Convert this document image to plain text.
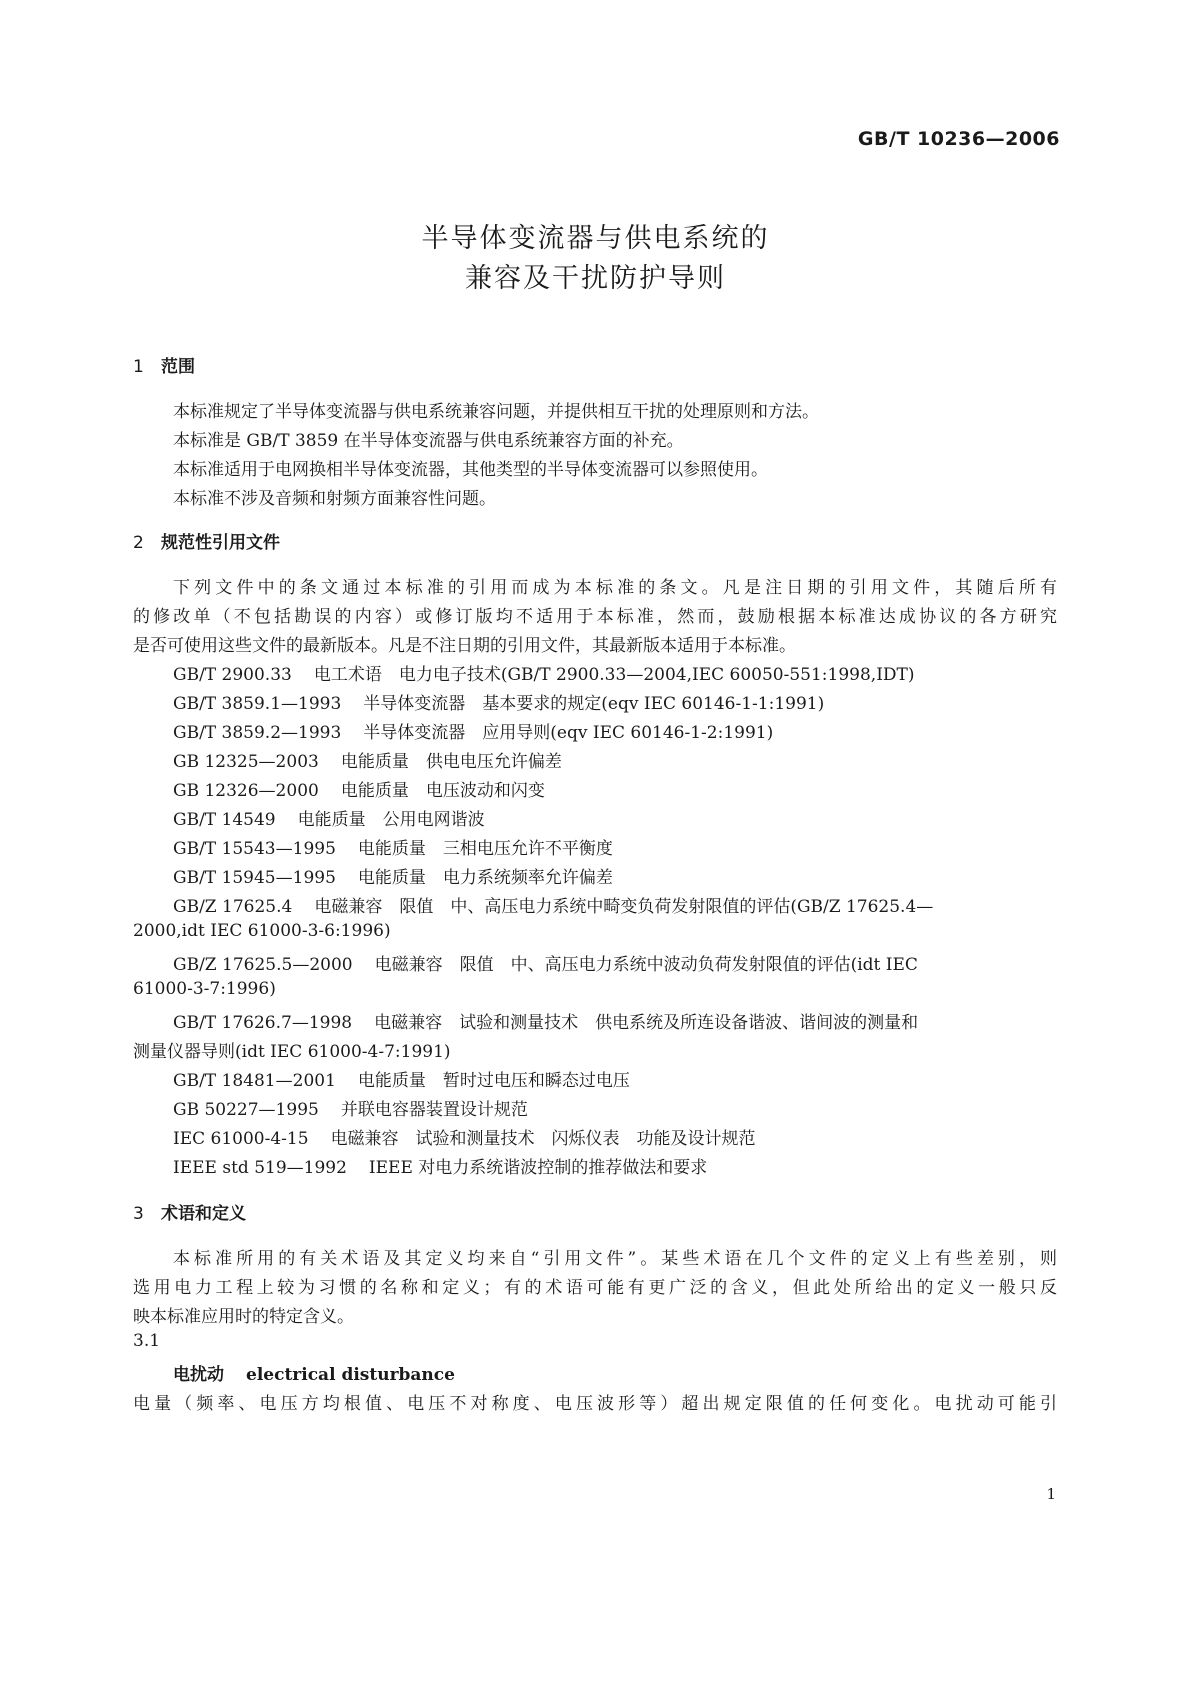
GB/T 10236—2006
半导体变流器与供电系统的
兼容及干扰防护导则
1 范围
本标准规定了半导体变流器与供电系统兼容问题，并提供相互干扰的处理原则和方法。
本标准是 GB/T 3859 在半导体变流器与供电系统兼容方面的补充。
本标准适用于电网换相半导体变流器，其他类型的半导体变流器可以参照使用。
本标准不涉及音频和射频方面兼容性问题。
2 规范性引用文件
下列文件中的条文通过本标准的引用而成为本标准的条文。凡是注日期的引用文件，其随后所有
的修改单（不包括勘误的内容）或修订版均不适用于本标准，然而，鼓励根据本标准达成协议的各方研究
是否可使用这些文件的最新版本。凡是不注日期的引用文件，其最新版本适用于本标准。
GB/T 2900.33 电工术语　电力电子技术(GB/T 2900.33—2004,IEC 60050-551:1998,IDT)
GB/T 3859.1—1993 半导体变流器　基本要求的规定(eqv IEC 60146-1-1:1991)
GB/T 3859.2—1993 半导体变流器　应用导则(eqv IEC 60146-1-2:1991)
GB 12325—2003 电能质量　供电电压允许偏差
GB 12326—2000 电能质量　电压波动和闪变
GB/T 14549 电能质量　公用电网谐波
GB/T 15543—1995 电能质量　三相电压允许不平衡度
GB/T 15945—1995 电能质量　电力系统频率允许偏差
GB/Z 17625.4 电磁兼容　限值　中、高压电力系统中畸变负荷发射限值的评估(GB/Z 17625.4—
2000,idt IEC 61000-3-6:1996)
GB/Z 17625.5—2000 电磁兼容　限值　中、高压电力系统中波动负荷发射限值的评估(idt IEC
61000-3-7:1996)
GB/T 17626.7—1998 电磁兼容　试验和测量技术　供电系统及所连设备谐波、谐间波的测量和
测量仪器导则(idt IEC 61000-4-7:1991)
GB/T 18481—2001 电能质量　暂时过电压和瞬态过电压
GB 50227—1995 并联电容器装置设计规范
IEC 61000-4-15 电磁兼容　试验和测量技术　闪烁仪表　功能及设计规范
IEEE std 519—1992 IEEE 对电力系统谐波控制的推荐做法和要求
3 术语和定义
本标准所用的有关术语及其定义均来自“引用文件”。某些术语在几个文件的定义上有些差别，则
选用电力工程上较为习惯的名称和定义；有的术语可能有更广泛的含义，但此处所给出的定义一般只反
映本标准应用时的特定含义。
3.1
电扰动 electrical disturbance
电量（频率、电压方均根值、电压不对称度、电压波形等）超出规定限值的任何变化。电扰动可能引
1
